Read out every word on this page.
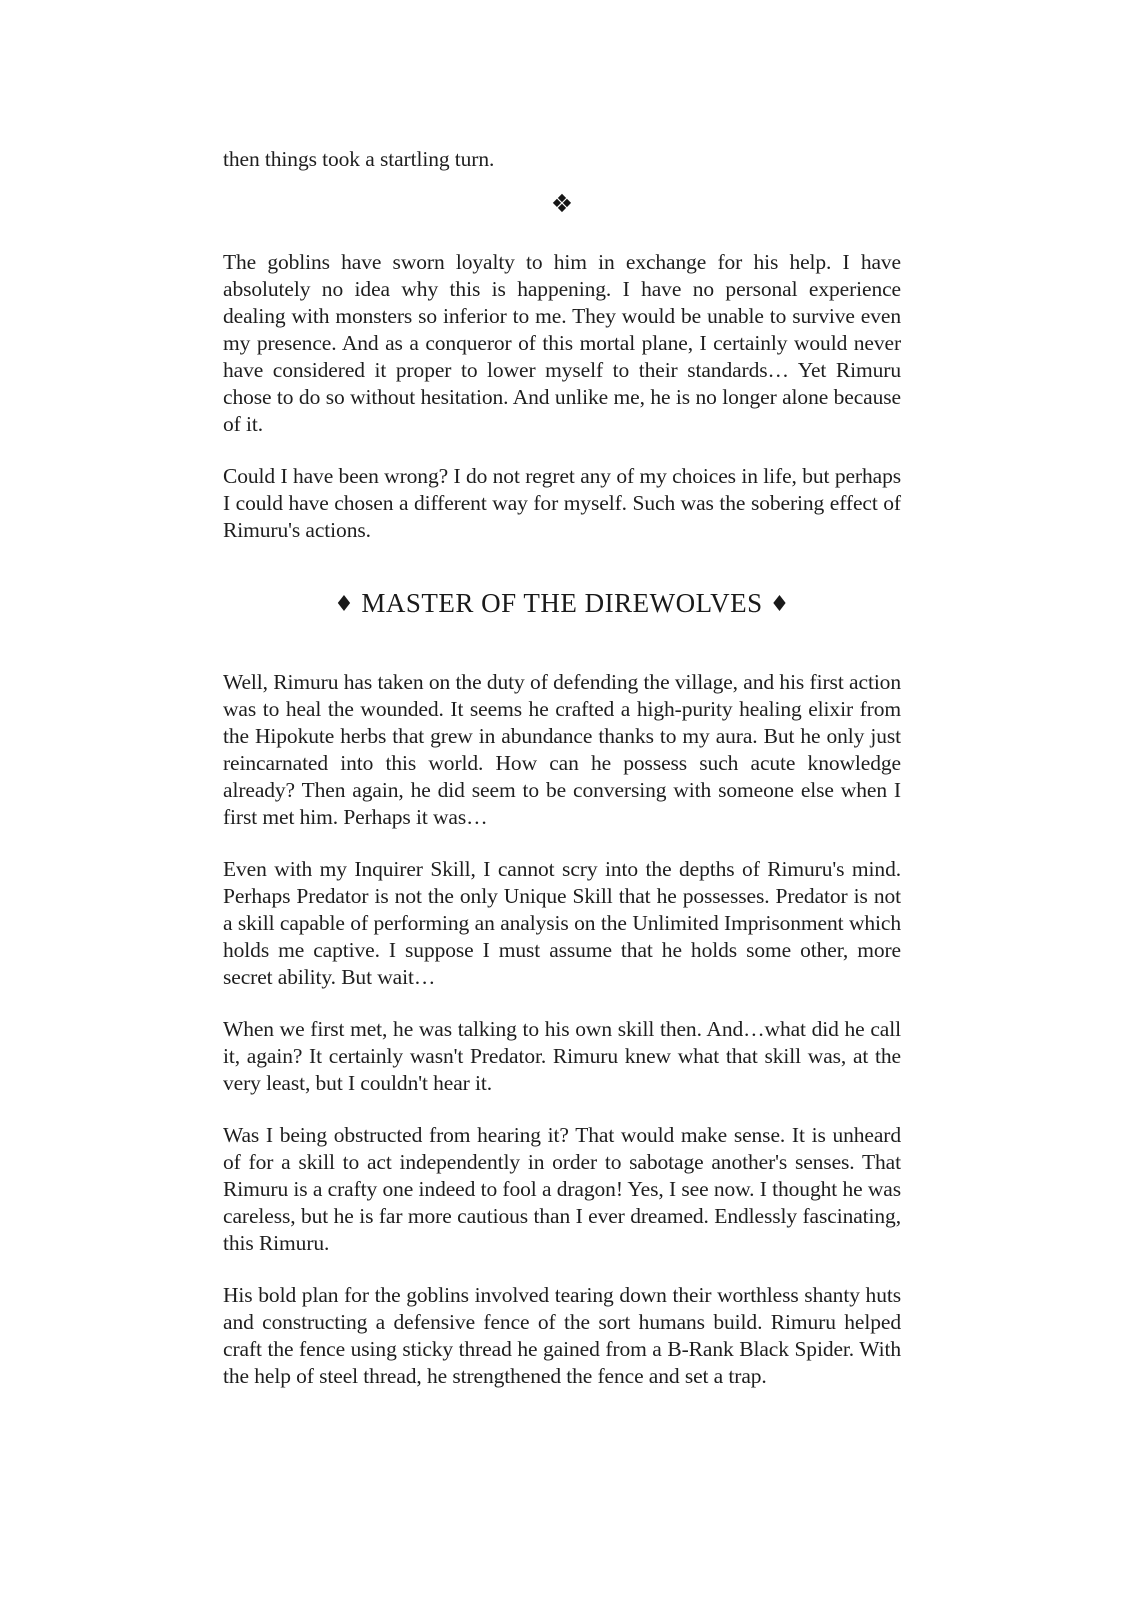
then things took a startling turn.

❖

The goblins have sworn loyalty to him in exchange for his help. I have absolutely no idea why this is happening. I have no personal experience dealing with monsters so inferior to me. They would be unable to survive even my presence. And as a conqueror of this mortal plane, I certainly would never have considered it proper to lower myself to their standards… Yet Rimuru chose to do so without hesitation. And unlike me, he is no longer alone because of it.

Could I have been wrong? I do not regret any of my choices in life, but perhaps I could have chosen a different way for myself. Such was the sobering effect of Rimuru's actions.

♦ MASTER OF THE DIREWOLVES ♦

Well, Rimuru has taken on the duty of defending the village, and his first action was to heal the wounded. It seems he crafted a high-purity healing elixir from the Hipokute herbs that grew in abundance thanks to my aura. But he only just reincarnated into this world. How can he possess such acute knowledge already? Then again, he did seem to be conversing with someone else when I first met him. Perhaps it was…

Even with my Inquirer Skill, I cannot scry into the depths of Rimuru's mind. Perhaps Predator is not the only Unique Skill that he possesses. Predator is not a skill capable of performing an analysis on the Unlimited Imprisonment which holds me captive. I suppose I must assume that he holds some other, more secret ability. But wait…

When we first met, he was talking to his own skill then. And…what did he call it, again? It certainly wasn't Predator. Rimuru knew what that skill was, at the very least, but I couldn't hear it.

Was I being obstructed from hearing it? That would make sense. It is unheard of for a skill to act independently in order to sabotage another's senses. That Rimuru is a crafty one indeed to fool a dragon! Yes, I see now. I thought he was careless, but he is far more cautious than I ever dreamed. Endlessly fascinating, this Rimuru.

His bold plan for the goblins involved tearing down their worthless shanty huts and constructing a defensive fence of the sort humans build. Rimuru helped craft the fence using sticky thread he gained from a B-Rank Black Spider. With the help of steel thread, he strengthened the fence and set a trap.
